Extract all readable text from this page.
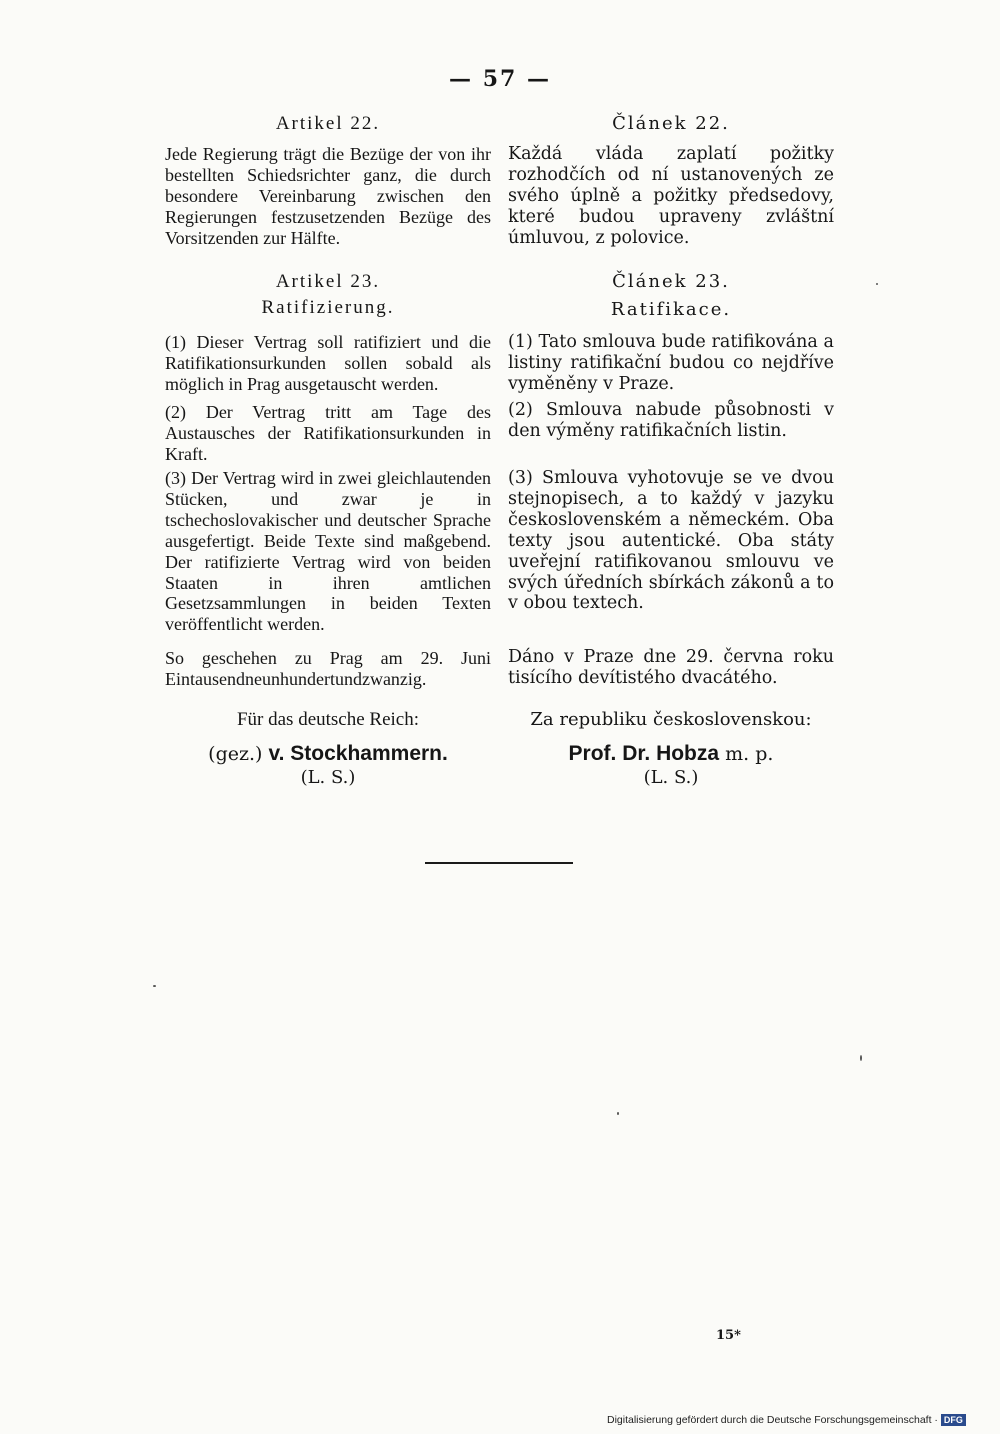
— 57 —
Artikel 22.

Jede Regierung trägt die Bezüge der von ihr bestellten Schiedsrichter ganz, die durch besondere Vereinbarung zwischen den Regierungen festzusetzenden Bezüge des Vorsitzenden zur Hälfte.

Artikel 23.
Ratifizierung.

(1) Dieser Vertrag soll ratifiziert und die Ratifikationsurkunden sollen sobald als möglich in Prag ausgetauscht werden.

(2) Der Vertrag tritt am Tage des Austausches der Ratifikationsurkunden in Kraft.

(3) Der Vertrag wird in zwei gleichlautenden Stücken, und zwar je in tschechoslovakischer und deutscher Sprache ausgefertigt. Beide Texte sind maßgebend. Der ratifizierte Vertrag wird von beiden Staaten in ihren amtlichen Gesetzsammlungen in beiden Texten veröffentlicht werden.

So geschehen zu Prag am 29. Juni Eintausendneunhundertundzwanzig.

Für das deutsche Reich:
(gez.) v. Stockhammern.
(L. S.)
Článek 22.

Každá vláda zaplatí požitky rozhodčích od ní ustanovených ze svého úplně a požitky předsedovy, které budou upraveny zvláštní úmluvou, z polovice.

Článek 23.
Ratifikace.

(1) Tato smlouva bude ratifikována a listiny ratifikační budou co nejdříve vyměněny v Praze.

(2) Smlouva nabude působnosti v den výměny ratifikačních listin.

(3) Smlouva vyhotovuje se ve dvou stejnopisech, a to každý v jazyku československém a německém. Oba texty jsou autentické. Oba státy uveřejní ratifikovanou smlouvu ve svých úředních sbírkách zákonů a to v obou textech.

Dáno v Praze dne 29. června roku tisícího devítistého dvacátého.

Za republiku československou:
Prof. Dr. Hobza m. p.
(L. S.)
15*
Digitalisierung gefördert durch die Deutsche Forschungsgemeinschaft · DFG
